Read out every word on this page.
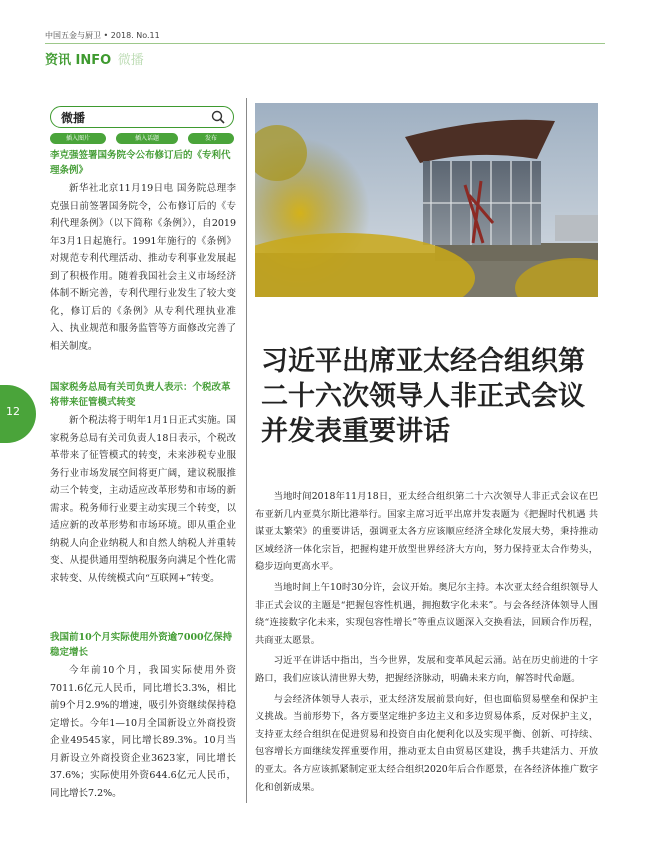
中国五金与厨卫 • 2018. No.11
资讯 INFO 微播
12
微播
插入图片	插入话题	发布

李克强签署国务院令公布修订后的《专利代理条例》

新华社北京11月19日电 国务院总理李克强日前签署国务院令，公布修订后的《专利代理条例》（以下简称《条例》），自2019年3月1日起施行。1991年施行的《条例》对规范专利代理活动、推动专利事业发展起到了积极作用。随着我国社会主义市场经济体制不断完善，专利代理行业发生了较大变化，修订后的《条例》从专利代理执业准入、执业规范和服务监管等方面修改完善了相关制度。

国家税务总局有关司负责人表示：个税改革将带来征管模式转变

新个税法将于明年1月1日正式实施。国家税务总局有关司负责人18日表示，个税改革带来了征管模式的转变，未来涉税专业服务行业市场发展空间将更广阔，建议税服推动三个转变，主动适应改革形势和市场的新需求。税务师行业要主动实现三个转变，以适应新的改革形势和市场环境。即从重企业纳税人向企业纳税人和自然人纳税人并重转变、从提供通用型纳税服务向满足个性化需求转变、从传统模式向“互联网+”转变。

我国前10个月实际使用外资逾7000亿保持稳定增长

今年前10个月，我国实际使用外资7011.6亿元人民币，同比增长3.3%，相比前9个月2.9%的增速，吸引外资继续保持稳定增长。今年1—10月全国新设立外商投资企业49545家，同比增长89.3%。10月当月新设立外商投资企业3623家，同比增长37.6%；实际使用外资644.6亿元人民币，同比增长7.2%。

习近平出席亚太经合组织第二十六次领导人非正式会议并发表重要讲话

当地时间2018年11月18日，亚太经合组织第二十六次领导人非正式会议在巴布亚新几内亚莫尔斯比港举行。国家主席习近平出席并发表题为《把握时代机遇 共谋亚太繁荣》的重要讲话，强调亚太各方应该顺应经济全球化发展大势，秉持推动区域经济一体化宗旨，把握构建开放型世界经济大方向，努力保持亚太合作势头，稳步迈向更高水平。

当地时间上午10时30分许，会议开始。奥尼尔主持。本次亚太经合组织领导人非正式会议的主题是“把握包容性机遇，拥抱数字化未来”。与会各经济体领导人围绕“连接数字化未来，实现包容性增长”等重点议题深入交换看法，回顾合作历程，共商亚太愿景。

习近平在讲话中指出，当今世界，发展和变革风起云涌。站在历史前进的十字路口，我们应该认清世界大势，把握经济脉动，明确未来方向，解答时代命题。

与会经济体领导人表示，亚太经济发展前景向好，但也面临贸易壁垒和保护主义挑战。当前形势下，各方要坚定维护多边主义和多边贸易体系，反对保护主义，支持亚太经合组织在促进贸易和投资自由化便利化以及实现平衡、创新、可持续、包容增长方面继续发挥重要作用，推动亚太自由贸易区建设，携手共建活力、开放的亚太。各方应该抓紧制定亚太经合组织2020年后合作愿景，在各经济体推广数字化和创新成果。
